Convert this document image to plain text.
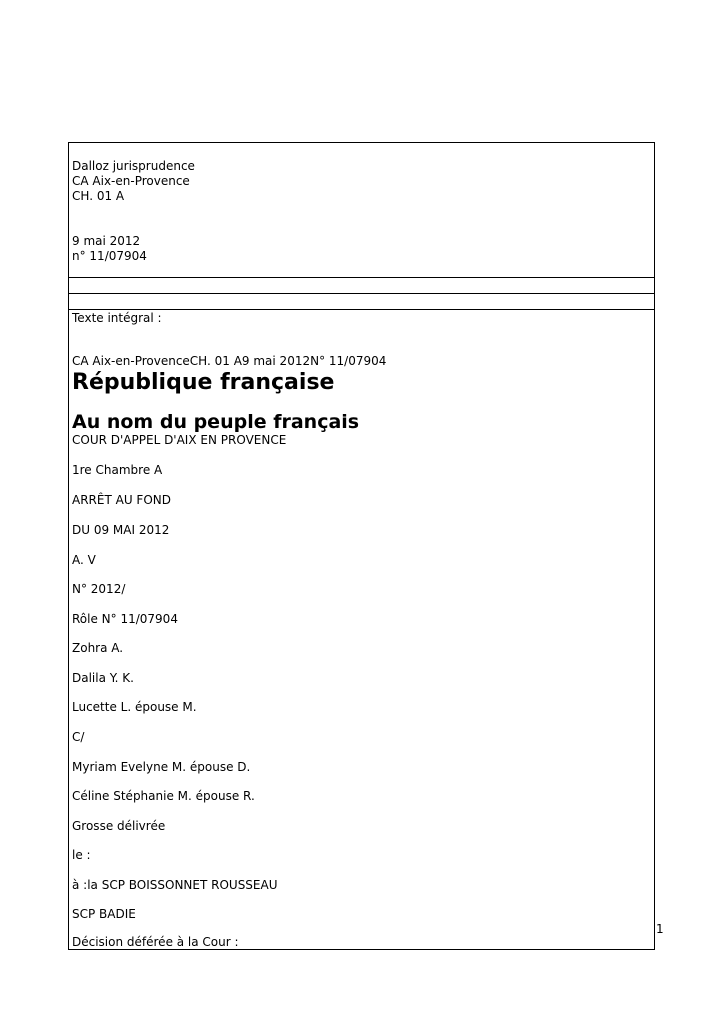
Dalloz jurisprudence
CA Aix-en-Provence
CH. 01 A
9 mai 2012
n° 11/07904
Texte intégral :
CA Aix-en-ProvenceCH. 01 A9 mai 2012N° 11/07904
République française
Au nom du peuple français
COUR D'APPEL D'AIX EN PROVENCE
1re Chambre A
ARRÊT AU FOND
DU 09 MAI 2012
A. V
N° 2012/
Rôle N° 11/07904
Zohra A.
Dalila Y. K.
Lucette L. épouse M.
C/
Myriam Evelyne M. épouse D.
Céline Stéphanie M. épouse R.
Grosse délivrée
le :
à :la SCP BOISSONNET ROUSSEAU
SCP BADIE
Décision déférée à la Cour :
1
